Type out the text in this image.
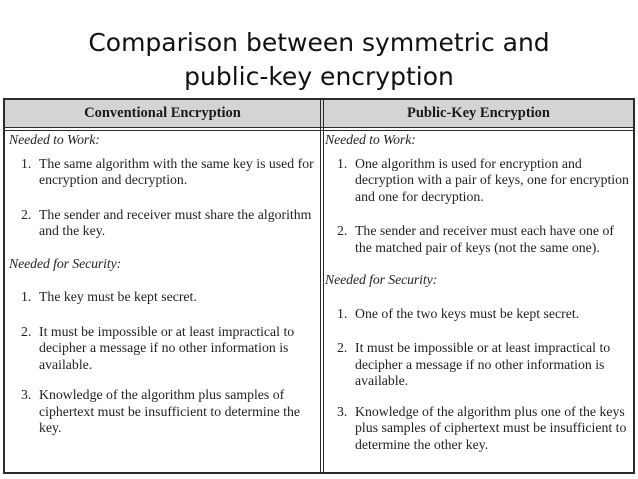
Comparison between symmetric and
public-key encryption
Conventional Encryption	Public-Key Encryption

Needed to Work:

1. The same algorithm with the same key is used for encryption and decryption.

2. The sender and receiver must share the algorithm and the key.

Needed for Security:

1. The key must be kept secret.

2. It must be impossible or at least impractical to decipher a message if no other information is available.

3. Knowledge of the algorithm plus samples of ciphertext must be insufficient to determine the key.

Needed to Work:

1. One algorithm is used for encryption and decryption with a pair of keys, one for encryption and one for decryption.

2. The sender and receiver must each have one of the matched pair of keys (not the same one).

Needed for Security:

1. One of the two keys must be kept secret.

2. It must be impossible or at least impractical to decipher a message if no other information is available.

3. Knowledge of the algorithm plus one of the keys plus samples of ciphertext must be insufficient to determine the other key.
